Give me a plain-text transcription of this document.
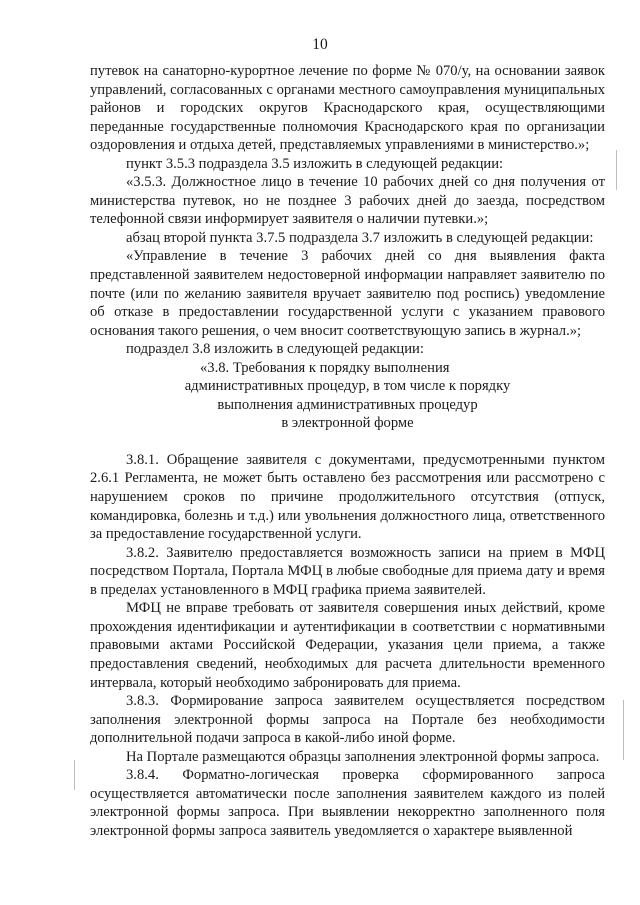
10

путевок на санаторно-курортное лечение по форме № 070/у, на основании заявок управлений, согласованных с органами местного самоуправления муниципальных районов и городских округов Краснодарского края, осуществляющими переданные государственные полномочия Краснодарского края по организации оздоровления и отдыха детей, представляемых управлениями в министерство.»;

пункт 3.5.3 подраздела 3.5 изложить в следующей редакции:

«3.5.3. Должностное лицо в течение 10 рабочих дней со дня получения от министерства путевок, но не позднее 3 рабочих дней до заезда, посредством телефонной связи информирует заявителя о наличии путевки.»;

абзац второй пункта 3.7.5 подраздела 3.7 изложить в следующей редакции:

«Управление в течение 3 рабочих дней со дня выявления факта представленной заявителем недостоверной информации направляет заявителю по почте (или по желанию заявителя вручает заявителю под роспись) уведомление об отказе в предоставлении государственной услуги с указанием правового основания такого решения, о чем вносит соответствующую запись в журнал.»;

подраздел 3.8 изложить в следующей редакции:

«3.8. Требования к порядку выполнения
административных процедур, в том числе к порядку
выполнения административных процедур
в электронной форме

3.8.1. Обращение заявителя с документами, предусмотренными пунктом 2.6.1 Регламента, не может быть оставлено без рассмотрения или рассмотрено с нарушением сроков по причине продолжительного отсутствия (отпуск, командировка, болезнь и т.д.) или увольнения должностного лица, ответственного за предоставление государственной услуги.

3.8.2. Заявителю предоставляется возможность записи на прием в МФЦ посредством Портала, Портала МФЦ в любые свободные для приема дату и время в пределах установленного в МФЦ графика приема заявителей.

МФЦ не вправе требовать от заявителя совершения иных действий, кроме прохождения идентификации и аутентификации в соответствии с нормативными правовыми актами Российской Федерации, указания цели приема, а также предоставления сведений, необходимых для расчета длительности временного интервала, который необходимо забронировать для приема.

3.8.3. Формирование запроса заявителем осуществляется посредством заполнения электронной формы запроса на Портале без необходимости дополнительной подачи запроса в какой-либо иной форме.

На Портале размещаются образцы заполнения электронной формы запроса.

3.8.4. Форматно-логическая проверка сформированного запроса осуществляется автоматически после заполнения заявителем каждого из полей электронной формы запроса. При выявлении некорректно заполненного поля электронной формы запроса заявитель уведомляется о характере выявленной
